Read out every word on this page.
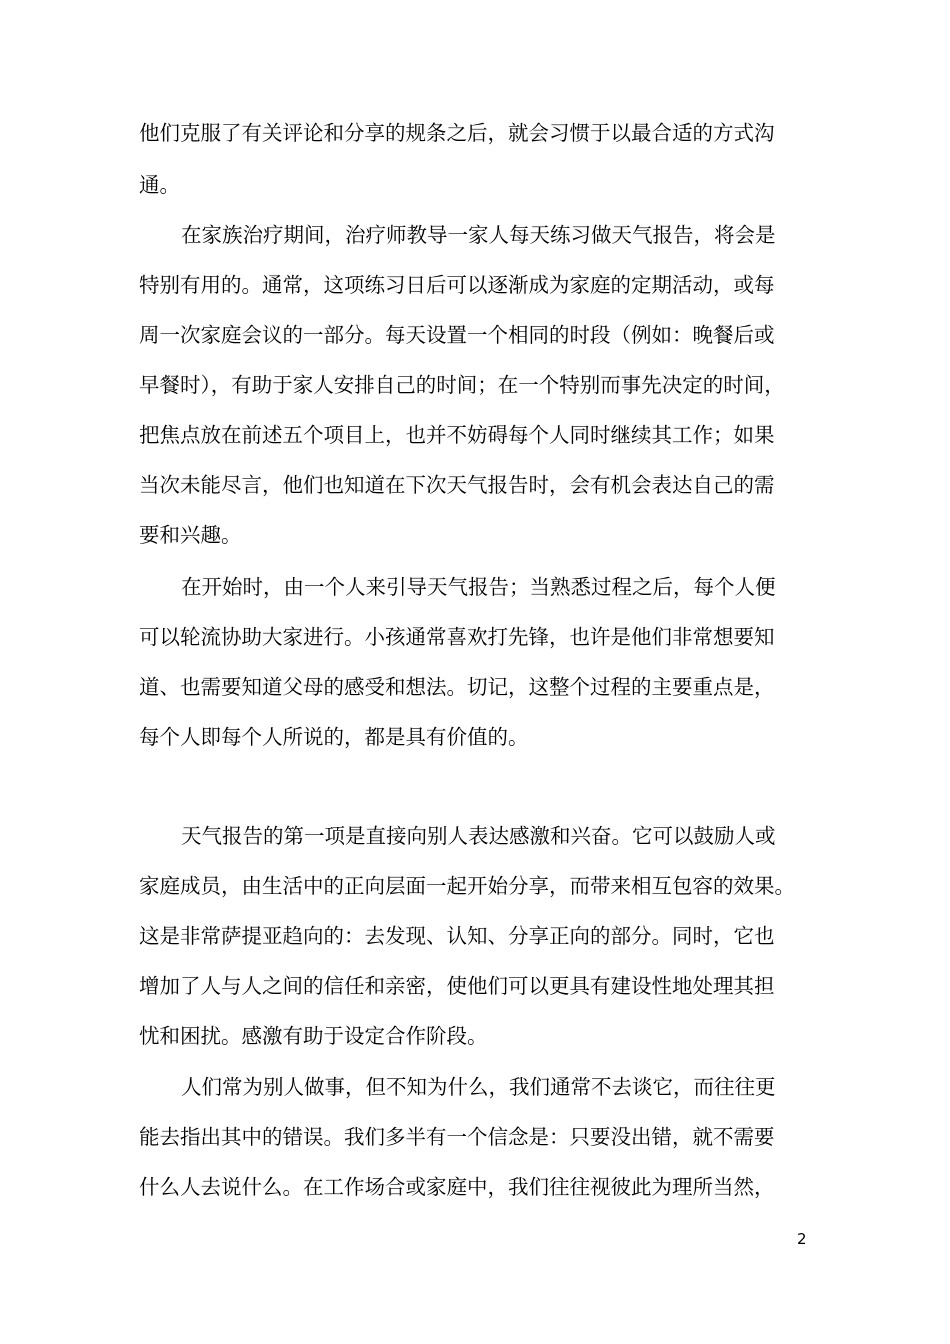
他们克服了有关评论和分享的规条之后，就会习惯于以最合适的方式沟

通。

在家族治疗期间，治疗师教导一家人每天练习做天气报告，将会是

特别有用的。通常，这项练习日后可以逐渐成为家庭的定期活动，或每

周一次家庭会议的一部分。每天设置一个相同的时段（例如：晚餐后或

早餐时），有助于家人安排自己的时间；在一个特别而事先决定的时间，

把焦点放在前述五个项目上，也并不妨碍每个人同时继续其工作；如果

当次未能尽言，他们也知道在下次天气报告时，会有机会表达自己的需

要和兴趣。

在开始时，由一个人来引导天气报告；当熟悉过程之后，每个人便

可以轮流协助大家进行。小孩通常喜欢打先锋，也许是他们非常想要知

道、也需要知道父母的感受和想法。切记，这整个过程的主要重点是，

每个人即每个人所说的，都是具有价值的。

天气报告的第一项是直接向别人表达感激和兴奋。它可以鼓励人或

家庭成员，由生活中的正向层面一起开始分享，而带来相互包容的效果。

这是非常萨提亚趋向的：去发现、认知、分享正向的部分。同时，它也

增加了人与人之间的信任和亲密，使他们可以更具有建设性地处理其担

忧和困扰。感激有助于设定合作阶段。

人们常为别人做事，但不知为什么，我们通常不去谈它，而往往更

能去指出其中的错误。我们多半有一个信念是：只要没出错，就不需要

什么人去说什么。在工作场合或家庭中，我们往往视彼此为理所当然，

2
